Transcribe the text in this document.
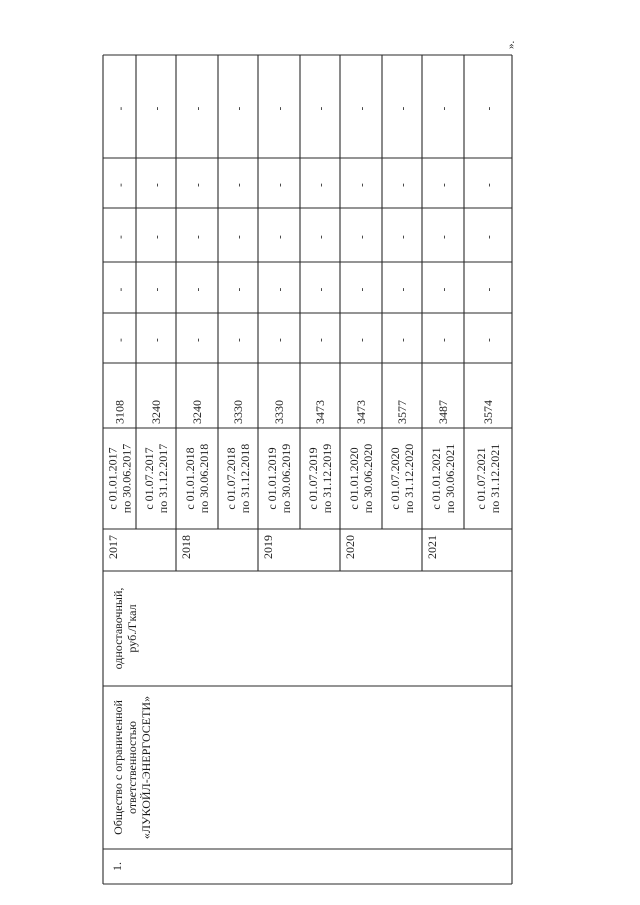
».
1.
Общество с ограниченной ответственностью «ЛУКОЙЛ-ЭНЕРГОСЕТИ»
одноставочный, руб./Гкал
2017
с 01.01.2017 по 30.06.2017
3108
-
-
-
-
-
с 01.07.2017 по 31.12.2017
3240
-
-
-
-
-
2018
с 01.01.2018 по 30.06.2018
3240
-
-
-
-
-
с 01.07.2018 по 31.12.2018
3330
-
-
-
-
-
2019
с 01.01.2019 по 30.06.2019
3330
-
-
-
-
-
с 01.07.2019 по 31.12.2019
3473
-
-
-
-
-
2020
с 01.01.2020 по 30.06.2020
3473
-
-
-
-
-
с 01.07.2020 по 31.12.2020
3577
-
-
-
-
-
2021
с 01.01.2021 по 30.06.2021
3487
-
-
-
-
-
с 01.07.2021 по 31.12.2021
3574
-
-
-
-
-
